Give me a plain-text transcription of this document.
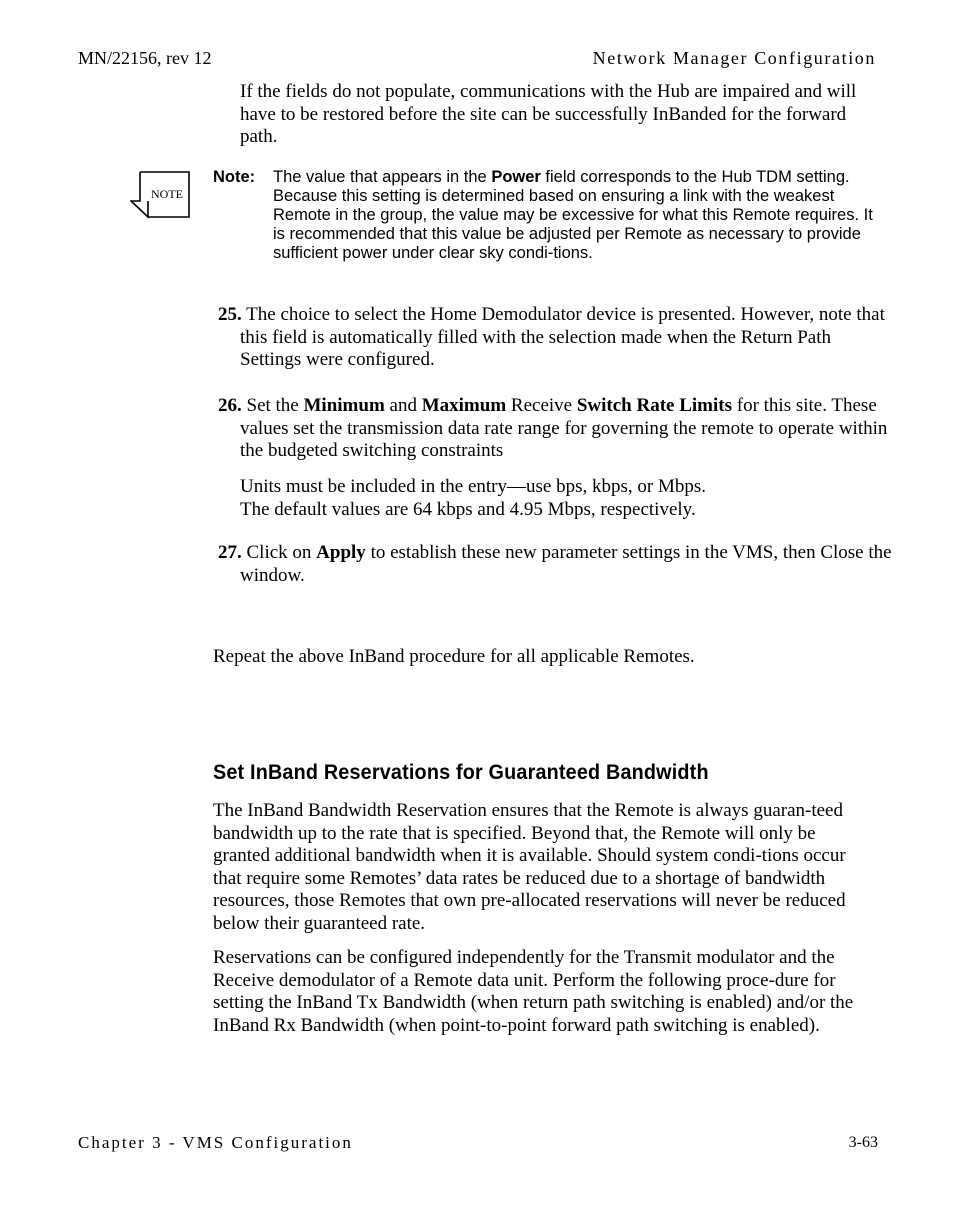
MN/22156, rev 12	Network Manager Configuration
If the fields do not populate, communications with the Hub are impaired and will have to be restored before the site can be successfully InBanded for the forward path.
NOTE
Note: The value that appears in the Power field corresponds to the Hub TDM setting. Because this setting is determined based on ensuring a link with the weakest Remote in the group, the value may be excessive for what this Remote requires. It is recommended that this value be adjusted per Remote as necessary to provide sufficient power under clear sky condi-tions.
25. The choice to select the Home Demodulator device is presented. However, note that this field is automatically filled with the selection made when the Return Path Settings were configured.
26. Set the Minimum and Maximum Receive Switch Rate Limits for this site. These values set the transmission data rate range for governing the remote to operate within the budgeted switching constraints
Units must be included in the entry—use bps, kbps, or Mbps.
The default values are 64 kbps and 4.95 Mbps, respectively.
27. Click on Apply to establish these new parameter settings in the VMS, then Close the window.
Repeat the above InBand procedure for all applicable Remotes.
Set InBand Reservations for Guaranteed Bandwidth
The InBand Bandwidth Reservation ensures that the Remote is always guaran-teed bandwidth up to the rate that is specified. Beyond that, the Remote will only be granted additional bandwidth when it is available. Should system condi-tions occur that require some Remotes’ data rates be reduced due to a shortage of bandwidth resources, those Remotes that own pre-allocated reservations will never be reduced below their guaranteed rate.
Reservations can be configured independently for the Transmit modulator and the Receive demodulator of a Remote data unit. Perform the following proce-dure for setting the InBand Tx Bandwidth (when return path switching is enabled) and/or the InBand Rx Bandwidth (when point-to-point forward path switching is enabled).
Chapter 3 - VMS Configuration	3-63
